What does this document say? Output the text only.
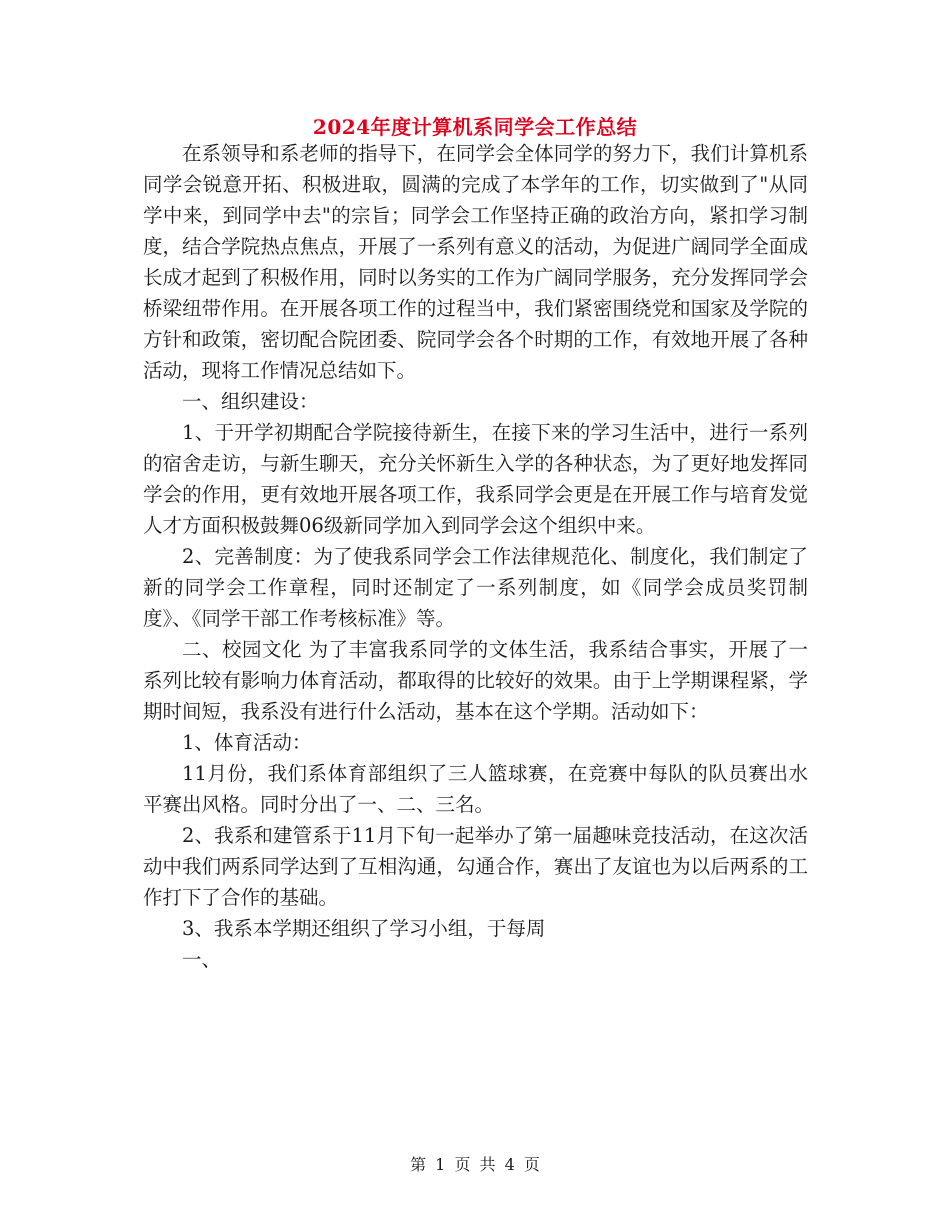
2024年度计算机系同学会工作总结

在系领导和系老师的指导下，在同学会全体同学的努力下，我们计算机系同学会锐意开拓、积极进取，圆满的完成了本学年的工作，切实做到了"从同学中来，到同学中去"的宗旨；同学会工作坚持正确的政治方向，紧扣学习制度，结合学院热点焦点，开展了一系列有意义的活动，为促进广阔同学全面成长成才起到了积极作用，同时以务实的工作为广阔同学服务，充分发挥同学会桥梁纽带作用。在开展各项工作的过程当中，我们紧密围绕党和国家及学院的方针和政策，密切配合院团委、院同学会各个时期的工作，有效地开展了各种活动，现将工作情况总结如下。

一、组织建设：

1、于开学初期配合学院接待新生，在接下来的学习生活中，进行一系列的宿舍走访，与新生聊天，充分关怀新生入学的各种状态，为了更好地发挥同学会的作用，更有效地开展各项工作，我系同学会更是在开展工作与培育发觉人才方面积极鼓舞06级新同学加入到同学会这个组织中来。

2、完善制度：为了使我系同学会工作法律规范化、制度化，我们制定了新的同学会工作章程，同时还制定了一系列制度，如《同学会成员奖罚制度》、《同学干部工作考核标准》等。

二、校园文化 为了丰富我系同学的文体生活，我系结合事实，开展了一系列比较有影响力体育活动，都取得的比较好的效果。由于上学期课程紧，学期时间短，我系没有进行什么活动，基本在这个学期。活动如下：

1、体育活动：

11月份，我们系体育部组织了三人篮球赛，在竞赛中每队的队员赛出水平赛出风格。同时分出了一、二、三名。

2、我系和建管系于11月下旬一起举办了第一届趣味竞技活动，在这次活动中我们两系同学达到了互相沟通，勾通合作，赛出了友谊也为以后两系的工作打下了合作的基础。

3、我系本学期还组织了学习小组，于每周

一、

第 1 页 共 4 页
